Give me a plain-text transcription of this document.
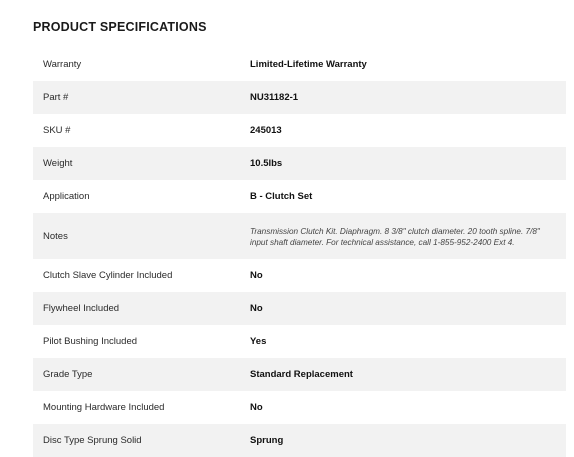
PRODUCT SPECIFICATIONS
Warranty	Limited-Lifetime Warranty
Part #	NU31182-1
SKU #	245013
Weight	10.5lbs
Application	B - Clutch Set
Notes	Transmission Clutch Kit. Diaphragm. 8 3/8" clutch diameter. 20 tooth spline. 7/8" input shaft diameter. For technical assistance, call 1-855-952-2400 Ext 4.
Clutch Slave Cylinder Included	No
Flywheel Included	No
Pilot Bushing Included	Yes
Grade Type	Standard Replacement
Mounting Hardware Included	No
Disc Type Sprung Solid	Sprung
